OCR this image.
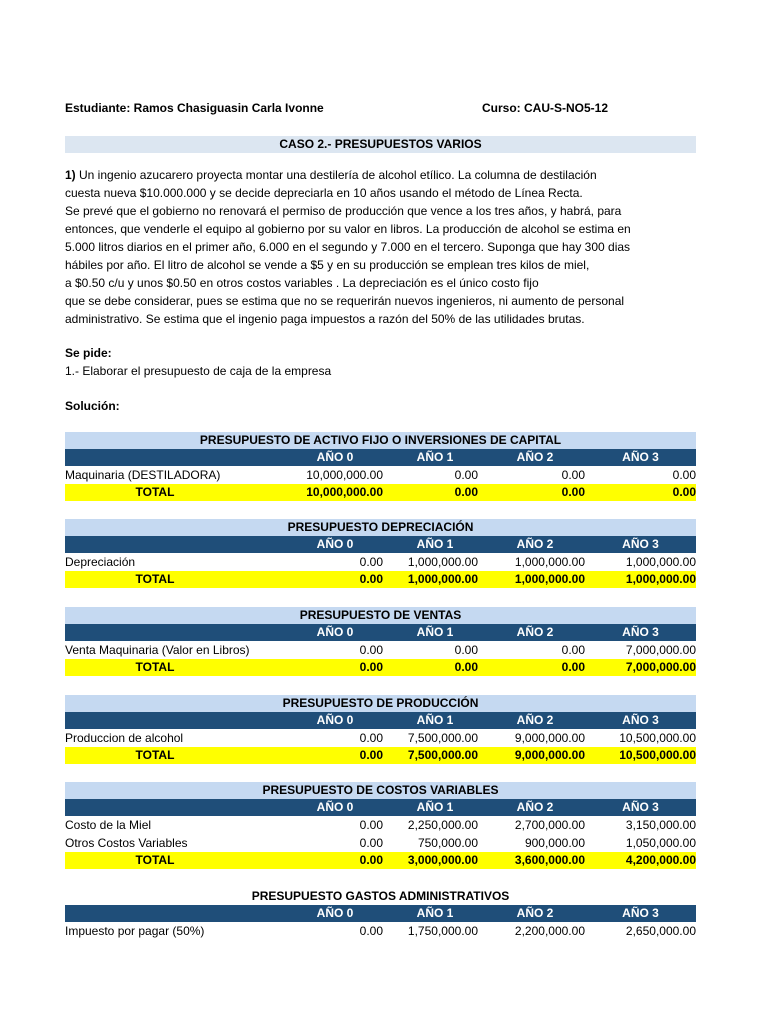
Estudiante: Ramos Chasiguasin Carla Ivonne	Curso: CAU-S-NO5-12
CASO 2.- PRESUPUESTOS VARIOS

1) Un ingenio azucarero proyecta montar una destilería de alcohol etílico. La columna de destilación

cuesta nueva $10.000.000 y se decide depreciarla en 10 años usando el método de Línea Recta.

Se prevé que el gobierno no renovará el permiso de producción que vence a los tres años, y habrá, para

entonces, que venderle el equipo al gobierno por su valor en libros. La producción de alcohol se estima en

5.000 litros diarios en el primer año, 6.000 en el segundo y 7.000 en el tercero. Suponga que hay 300 dias

hábiles por año. El litro de alcohol se vende a $5 y en su producción se emplean tres kilos de miel,

a $0.50 c/u y unos $0.50 en otros costos variables . La depreciación es el único costo fijo

que se debe considerar, pues se estima que no se requerirán nuevos ingenieros, ni aumento de personal

administrativo. Se estima que el ingenio paga impuestos a razón del 50% de las utilidades brutas.

Se pide:
1.- Elaborar el presupuesto de caja de la empresa
Solución:
PRESUPUESTO DE ACTIVO FIJO O INVERSIONES DE CAPITAL
AÑO 0	AÑO 1	AÑO 2	AÑO 3
Maquinaria (DESTILADORA)	10,000,000.00	0.00	0.00	0.00
TOTAL	10,000,000.00	0.00	0.00	0.00
PRESUPUESTO DEPRECIACIÓN
AÑO 0	AÑO 1	AÑO 2	AÑO 3
Depreciación	0.00	1,000,000.00	1,000,000.00	1,000,000.00
TOTAL	0.00	1,000,000.00	1,000,000.00	1,000,000.00
PRESUPUESTO DE VENTAS
AÑO 0	AÑO 1	AÑO 2	AÑO 3
Venta Maquinaria (Valor en Libros)	0.00	0.00	0.00	7,000,000.00
TOTAL	0.00	0.00	0.00	7,000,000.00
PRESUPUESTO DE PRODUCCIÓN
AÑO 0	AÑO 1	AÑO 2	AÑO 3
Produccion de alcohol	0.00	7,500,000.00	9,000,000.00	10,500,000.00
TOTAL	0.00	7,500,000.00	9,000,000.00	10,500,000.00
PRESUPUESTO DE COSTOS VARIABLES
AÑO 0	AÑO 1	AÑO 2	AÑO 3
Costo de la Miel	0.00	2,250,000.00	2,700,000.00	3,150,000.00
Otros Costos Variables	0.00	750,000.00	900,000.00	1,050,000.00
TOTAL	0.00	3,000,000.00	3,600,000.00	4,200,000.00
PRESUPUESTO GASTOS ADMINISTRATIVOS
AÑO 0	AÑO 1	AÑO 2	AÑO 3
Impuesto por pagar (50%)	0.00	1,750,000.00	2,200,000.00	2,650,000.00
